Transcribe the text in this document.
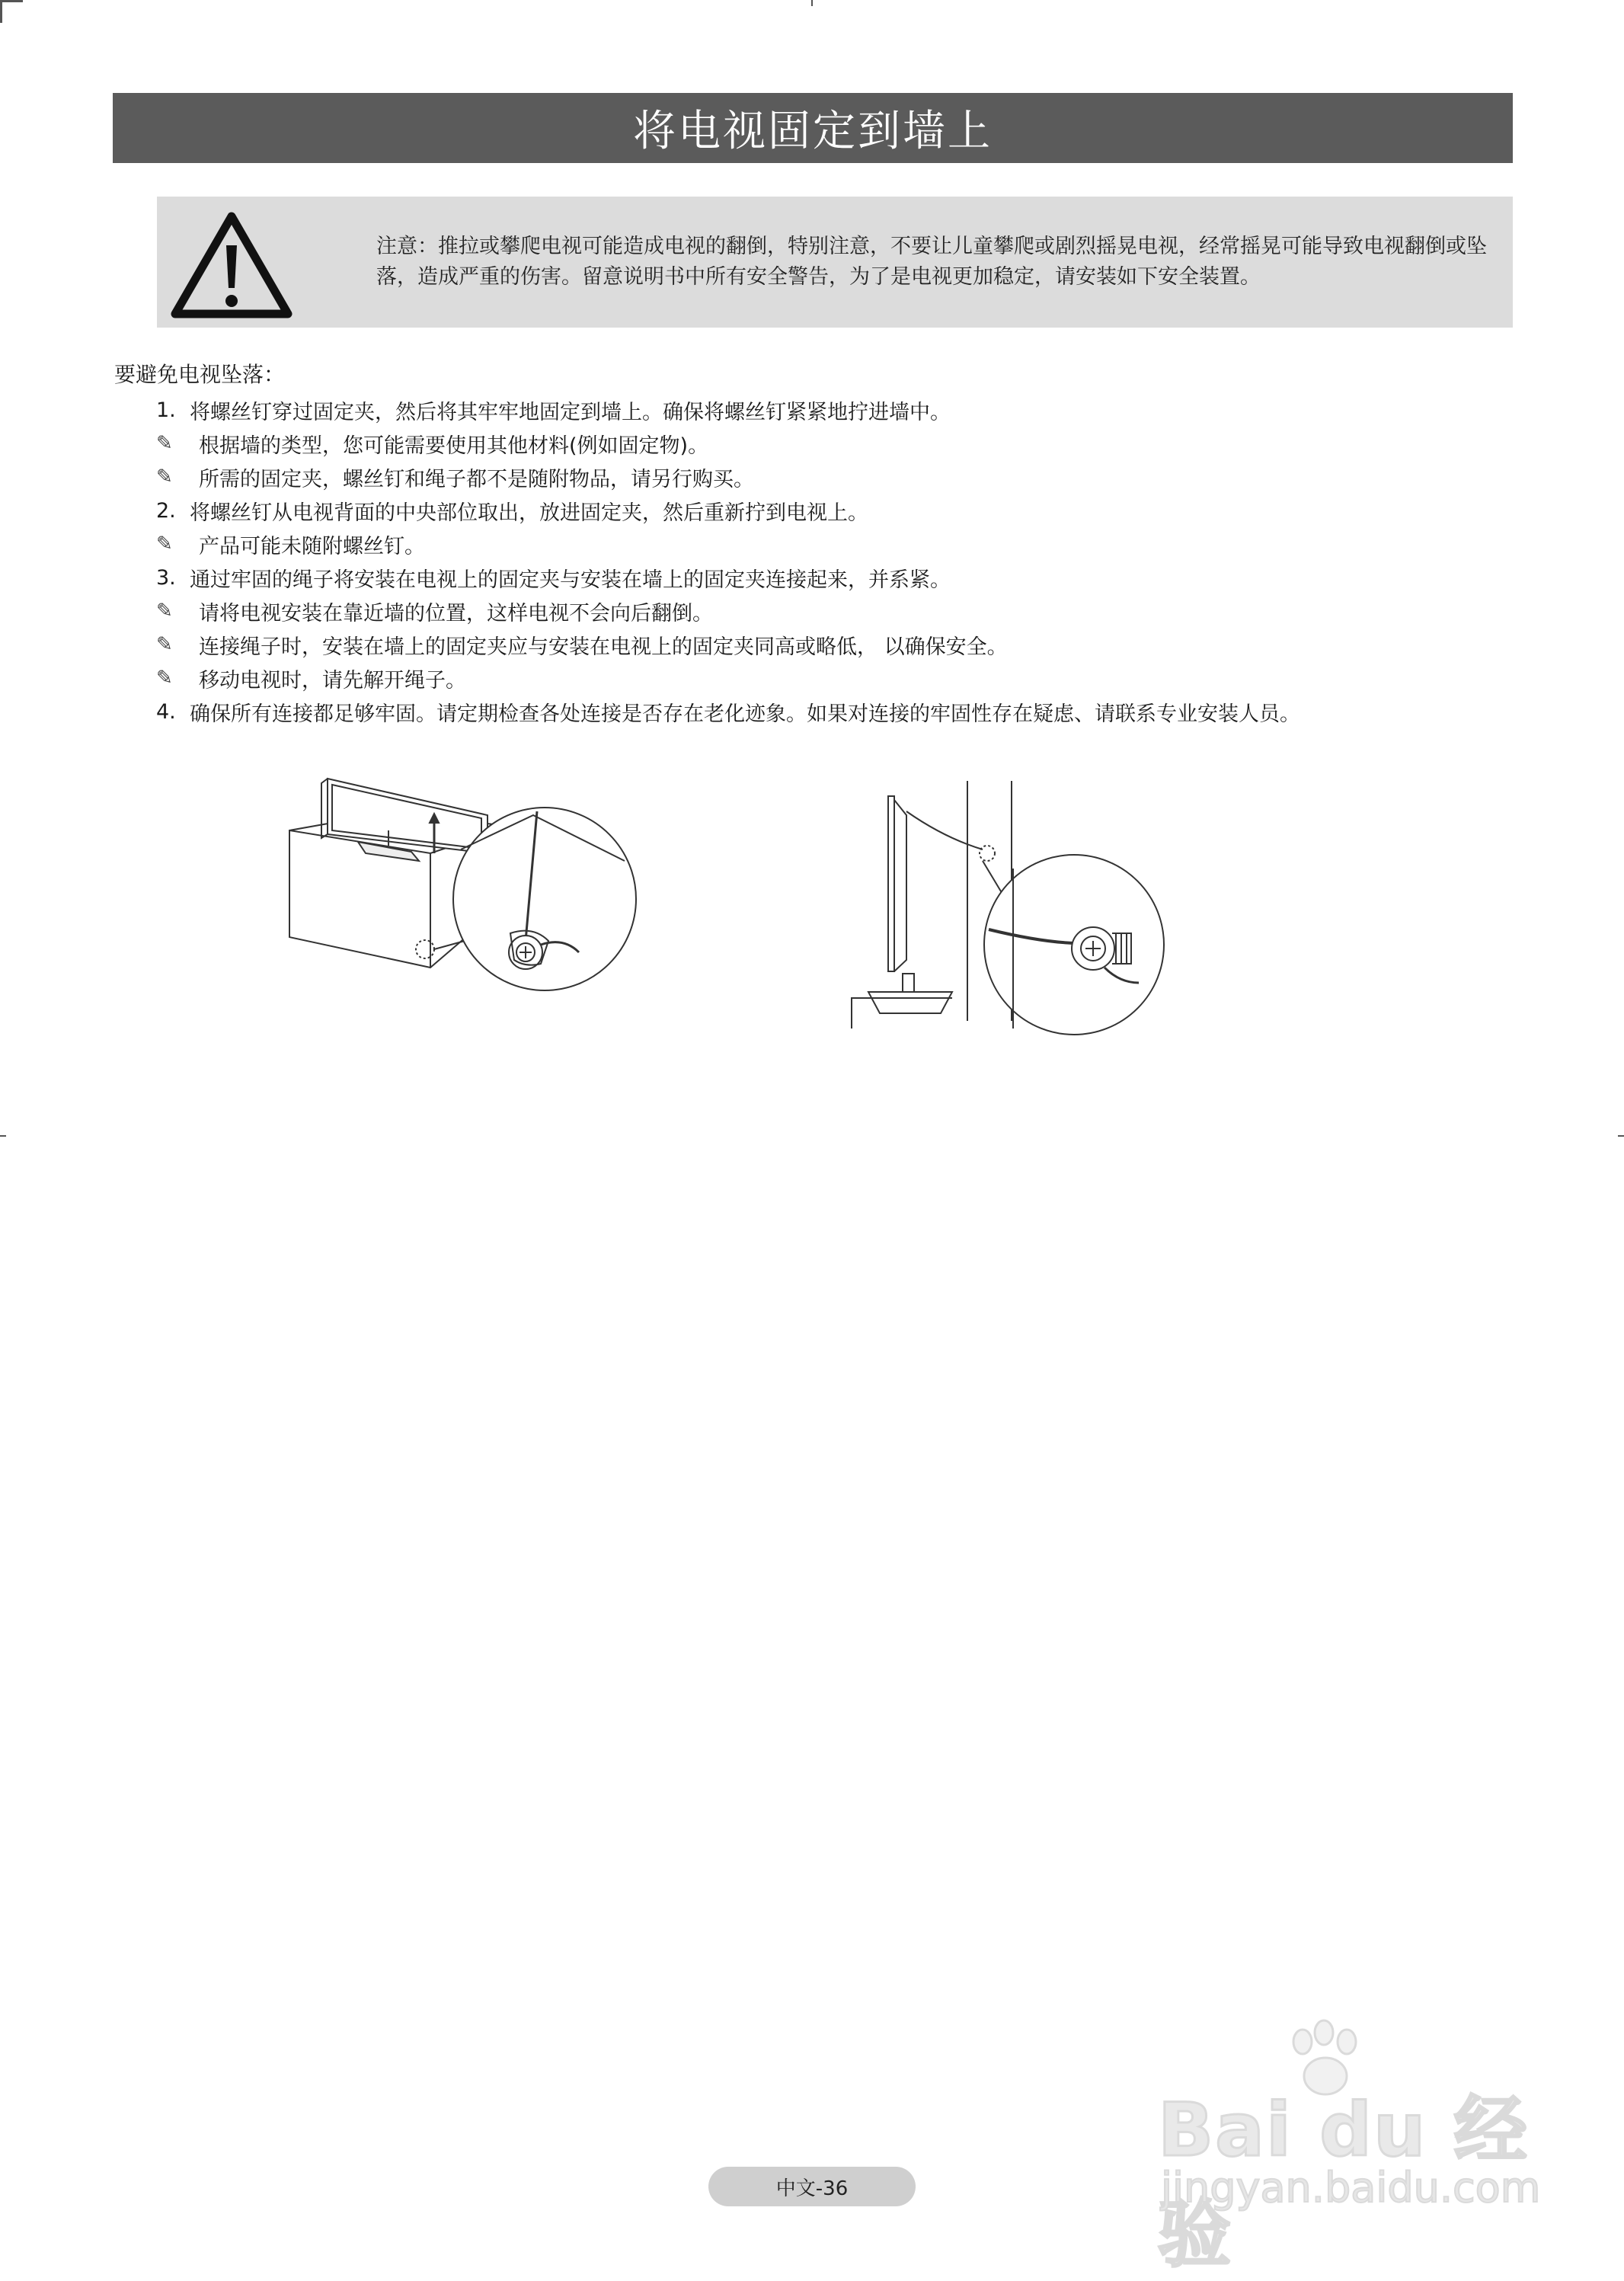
将电视固定到墙上
注意：推拉或攀爬电视可能造成电视的翻倒，特别注意，不要让儿童攀爬或剧烈摇晃电视，经常摇晃可能导致电视翻倒或坠落，造成严重的伤害。留意说明书中所有安全警告，为了是电视更加稳定，请安装如下安全装置。
要避免电视坠落：
1. 将螺丝钉穿过固定夹，然后将其牢牢地固定到墙上。确保将螺丝钉紧紧地拧进墙中。
✎	根据墙的类型，您可能需要使用其他材料(例如固定物)。
✎	所需的固定夹，螺丝钉和绳子都不是随附物品，请另行购买。
2. 将螺丝钉从电视背面的中央部位取出，放进固定夹，然后重新拧到电视上。
✎	产品可能未随附螺丝钉。
3. 通过牢固的绳子将安装在电视上的固定夹与安装在墙上的固定夹连接起来，并系紧。
✎	请将电视安装在靠近墙的位置，这样电视不会向后翻倒。
✎	连接绳子时，安装在墙上的固定夹应与安装在电视上的固定夹同高或略低， 以确保安全。
✎	移动电视时，请先解开绳子。
4. 确保所有连接都足够牢固。请定期检查各处连接是否存在老化迹象。如果对连接的牢固性存在疑虑、请联系专业安装人员。
Bai du 经验
jingyan.baidu.com
中文-36
